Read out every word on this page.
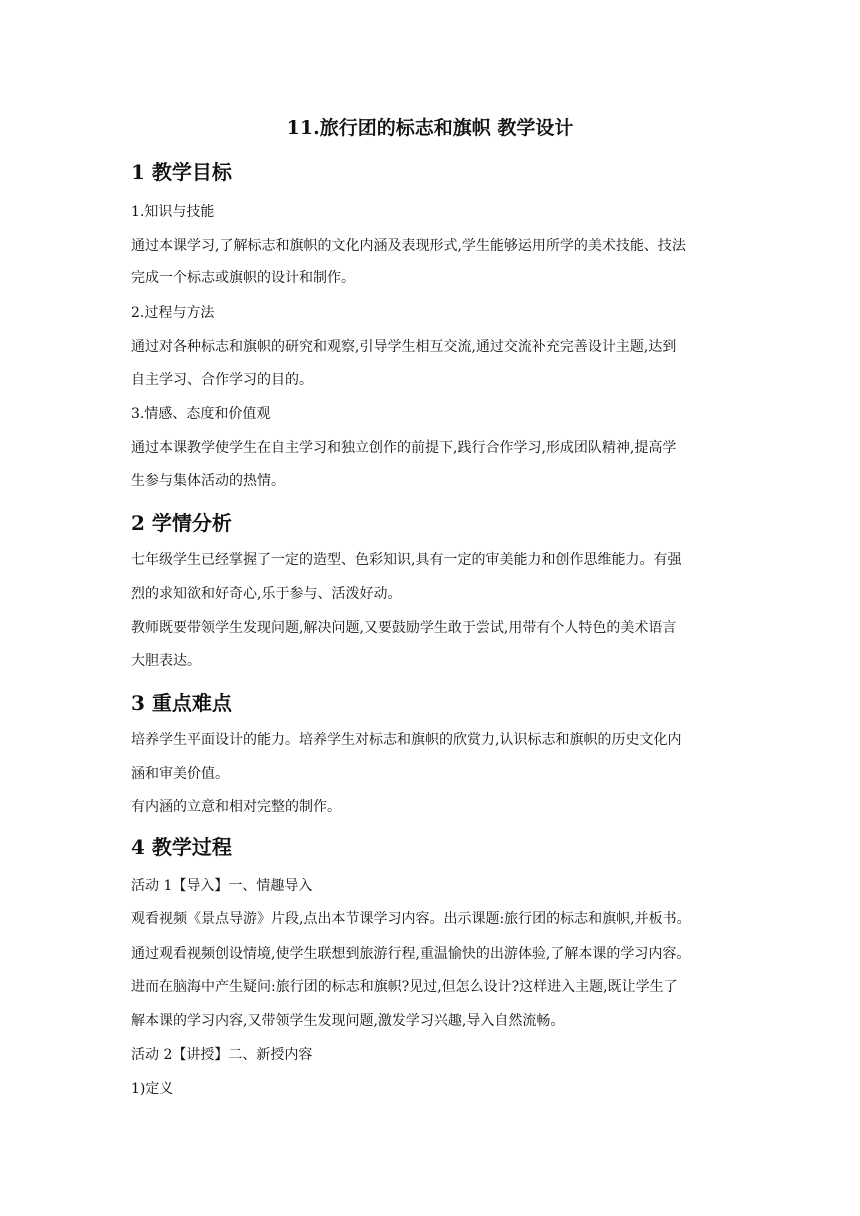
11.旅行团的标志和旗帜 教学设计
1 教学目标
1.知识与技能
通过本课学习,了解标志和旗帜的文化内涵及表现形式,学生能够运用所学的美术技能、技法
完成一个标志或旗帜的设计和制作。
2.过程与方法
通过对各种标志和旗帜的研究和观察,引导学生相互交流,通过交流补充完善设计主题,达到
自主学习、合作学习的目的。
3.情感、态度和价值观
通过本课教学使学生在自主学习和独立创作的前提下,践行合作学习,形成团队精神,提高学
生参与集体活动的热情。
2 学情分析
七年级学生已经掌握了一定的造型、色彩知识,具有一定的审美能力和创作思维能力。有强
烈的求知欲和好奇心,乐于参与、活泼好动。
教师既要带领学生发现问题,解决问题,又要鼓励学生敢于尝试,用带有个人特色的美术语言
大胆表达。
3 重点难点
培养学生平面设计的能力。培养学生对标志和旗帜的欣赏力,认识标志和旗帜的历史文化内
涵和审美价值。
有内涵的立意和相对完整的制作。
4 教学过程
活动 1【导入】一、情趣导入
观看视频《景点导游》片段,点出本节课学习内容。出示课题:旅行团的标志和旗帜,并板书。
通过观看视频创设情境,使学生联想到旅游行程,重温愉快的出游体验,了解本课的学习内容。
进而在脑海中产生疑问:旅行团的标志和旗帜?见过,但怎么设计?这样进入主题,既让学生了
解本课的学习内容,又带领学生发现问题,激发学习兴趣,导入自然流畅。
活动 2【讲授】二、新授内容
1)定义
